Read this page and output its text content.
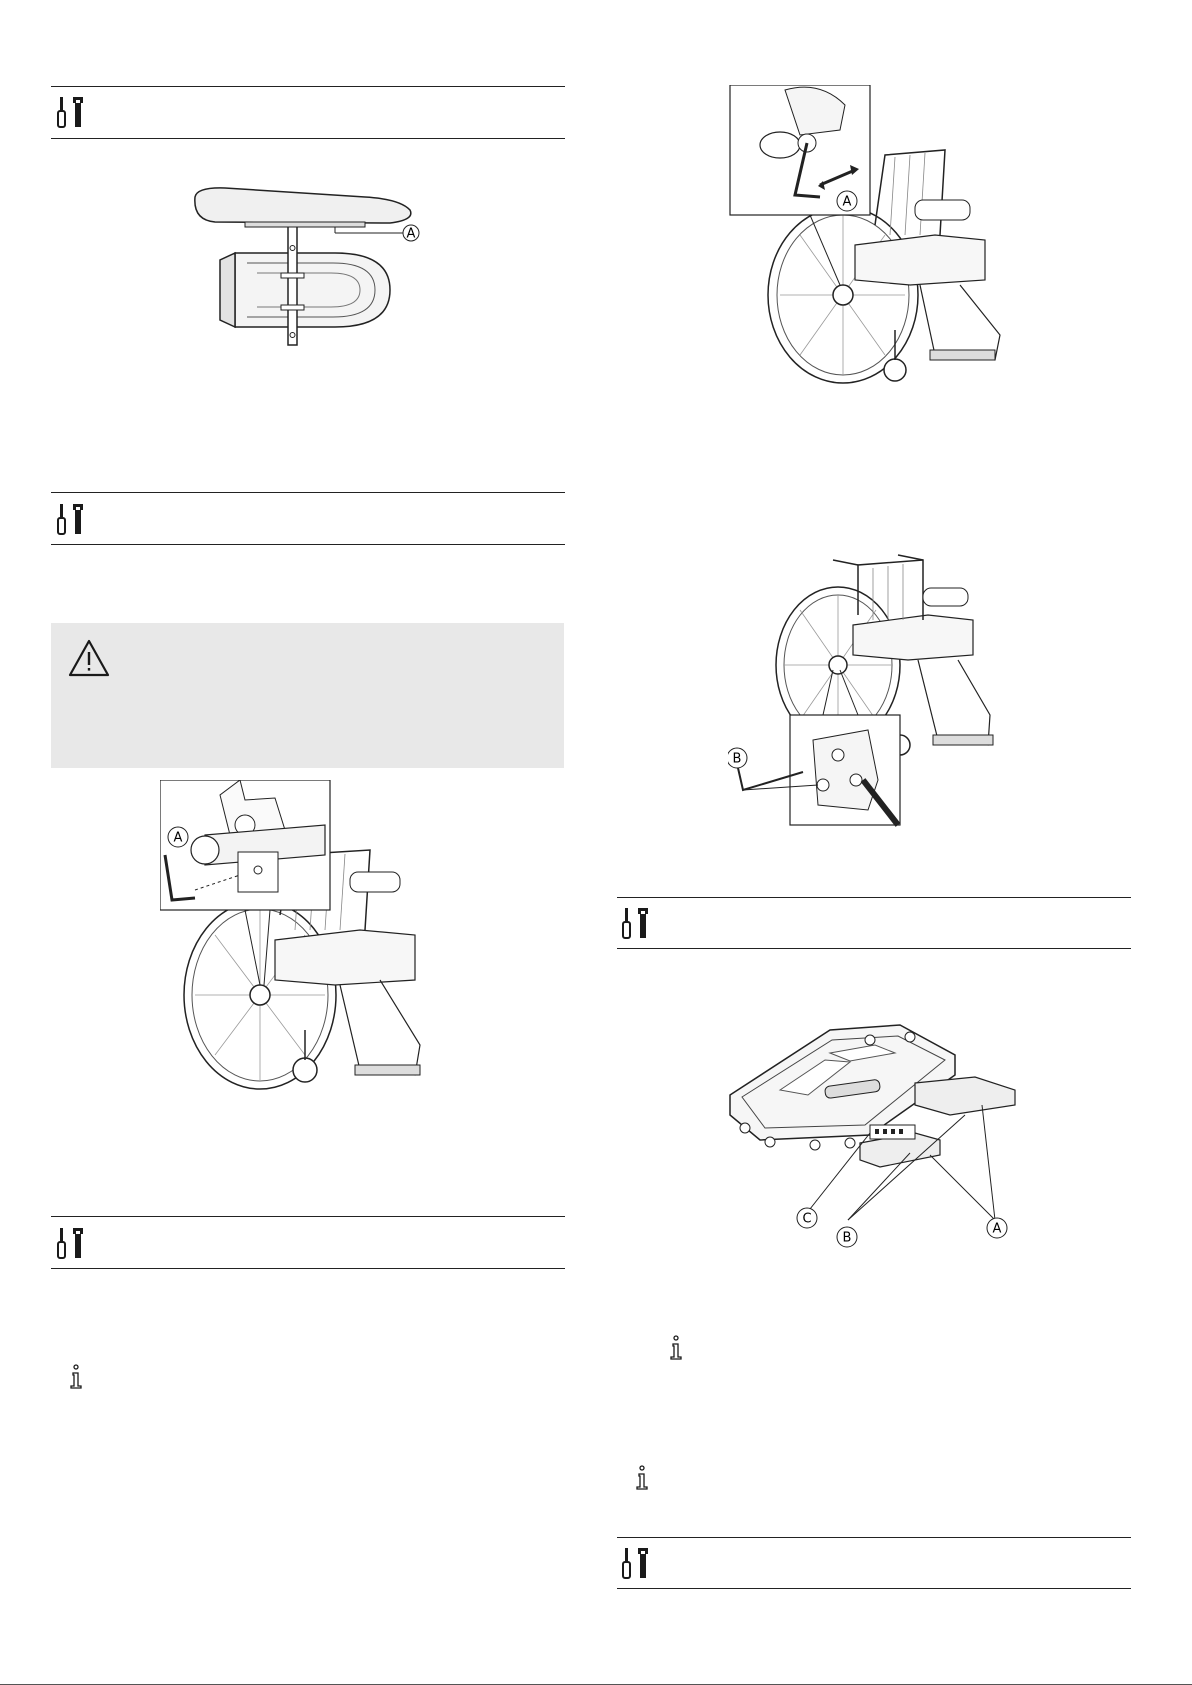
A
A
A
B
C
B
A
